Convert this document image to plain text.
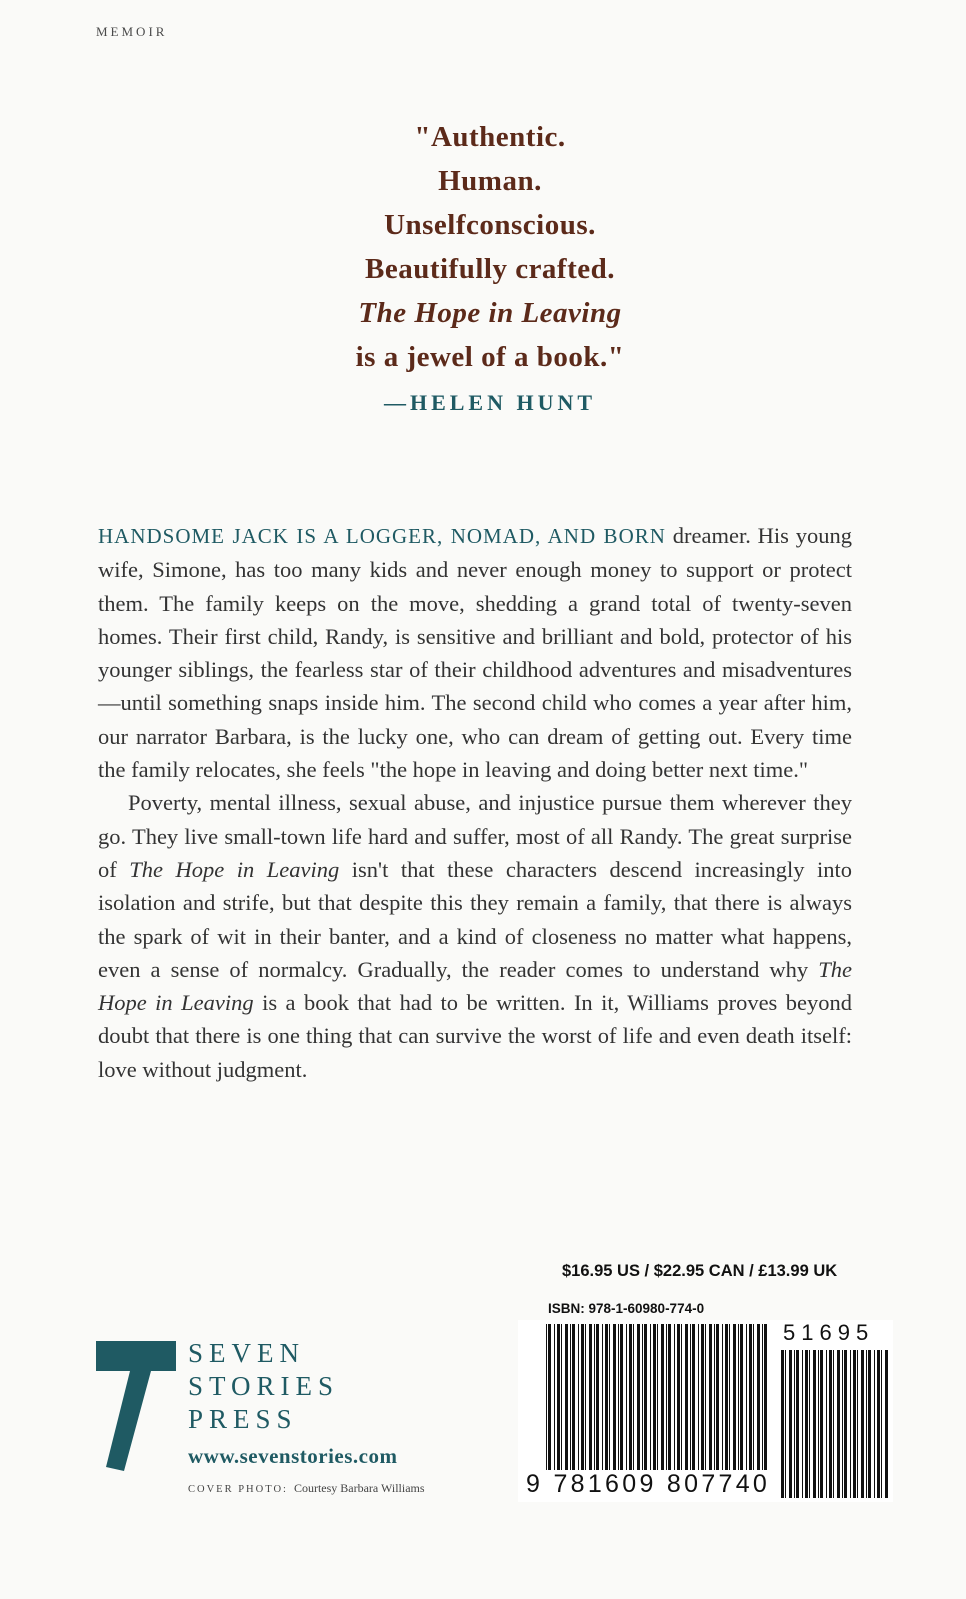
MEMOIR
"Authentic.
Human.
Unselfconscious.
Beautifully crafted.
The Hope in Leaving
is a jewel of a book."
—HELEN HUNT

HANDSOME JACK IS A LOGGER, NOMAD, AND BORN dreamer. His young wife, Simone, has too many kids and never enough money to support or protect them. The family keeps on the move, shedding a grand total of twenty-seven homes. Their first child, Randy, is sensitive and brilliant and bold, protector of his younger siblings, the fearless star of their childhood adventures and misadventures—until something snaps inside him. The second child who comes a year after him, our narrator Barbara, is the lucky one, who can dream of getting out. Every time the family relocates, she feels "the hope in leaving and doing better next time."

Poverty, mental illness, sexual abuse, and injustice pursue them wherever they go. They live small-town life hard and suffer, most of all Randy. The great surprise of The Hope in Leaving isn't that these characters descend increasingly into isolation and strife, but that despite this they remain a family, that there is always the spark of wit in their banter, and a kind of closeness no matter what happens, even a sense of normalcy. Gradually, the reader comes to understand why The Hope in Leaving is a book that had to be written. In it, Williams proves beyond doubt that there is one thing that can survive the worst of life and even death itself: love without judgment.

$16.95 US / $22.95 CAN / £13.99 UK
ISBN: 978-1-60980-774-0
9 781609 807740
51695
SEVEN
STORIES
PRESS
www.sevenstories.com
COVER PHOTO: Courtesy Barbara Williams
